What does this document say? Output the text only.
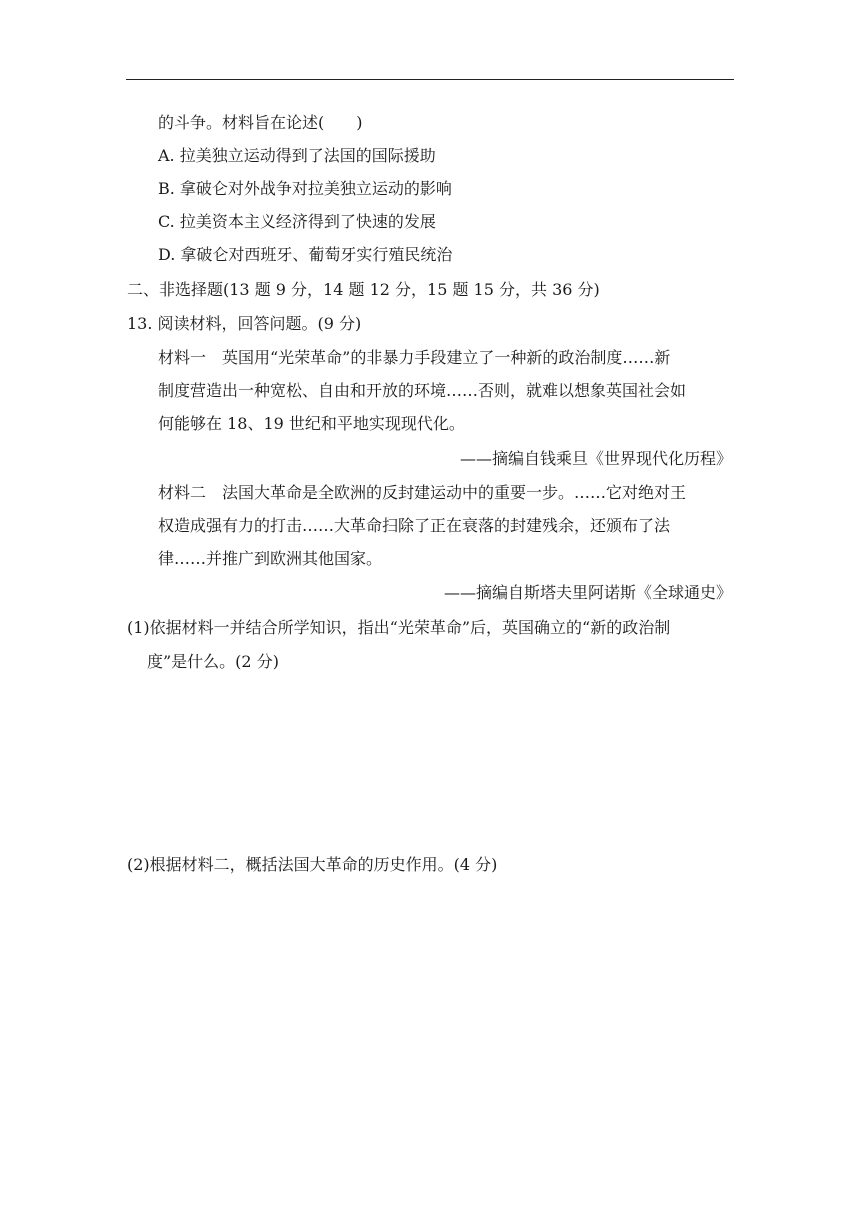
的斗争。材料旨在论述(　　)
A. 拉美独立运动得到了法国的国际援助
B. 拿破仑对外战争对拉美独立运动的影响
C. 拉美资本主义经济得到了快速的发展
D. 拿破仑对西班牙、葡萄牙实行殖民统治
二、非选择题(13 题 9 分，14 题 12 分，15 题 15 分，共 36 分)
13. 阅读材料，回答问题。(9 分)
材料一　英国用“光荣革命”的非暴力手段建立了一种新的政治制度……新
制度营造出一种宽松、自由和开放的环境……否则，就难以想象英国社会如
何能够在 18、19 世纪和平地实现现代化。
——摘编自钱乘旦《世界现代化历程》
材料二　法国大革命是全欧洲的反封建运动中的重要一步。……它对绝对王
权造成强有力的打击……大革命扫除了正在衰落的封建残余，还颁布了法
律……并推广到欧洲其他国家。
——摘编自斯塔夫里阿诺斯《全球通史》
(1)依据材料一并结合所学知识，指出“光荣革命”后，英国确立的“新的政治制
度”是什么。(2 分)
(2)根据材料二，概括法国大革命的历史作用。(4 分)
